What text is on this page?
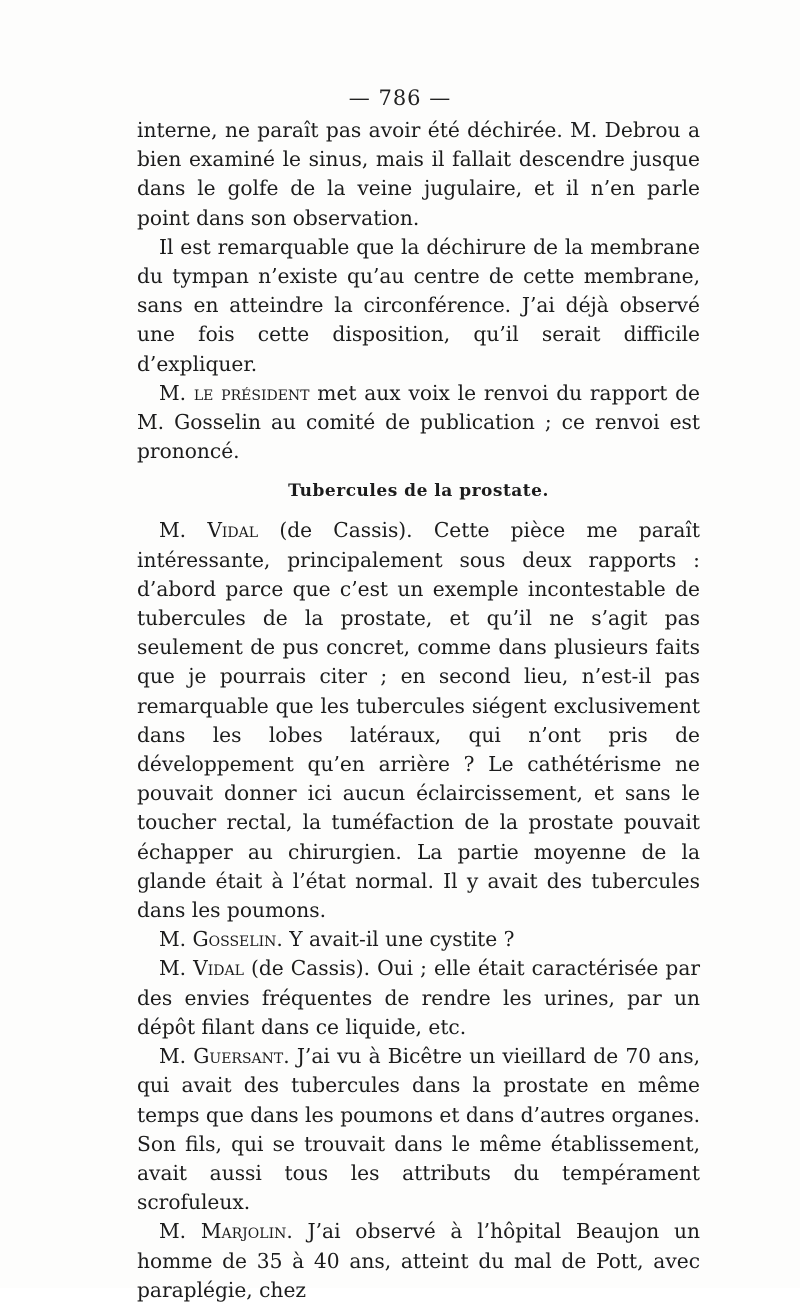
— 786 —

interne, ne paraît pas avoir été déchirée. M. Debrou a bien examiné le sinus, mais il fallait descendre jusque dans le golfe de la veine jugulaire, et il n’en parle point dans son observation.

Il est remarquable que la déchirure de la membrane du tympan n’existe qu’au centre de cette membrane, sans en atteindre la circonférence. J’ai déjà observé une fois cette disposition, qu’il serait difficile d’expliquer.

M. le président met aux voix le renvoi du rapport de M. Gosselin au comité de publication ; ce renvoi est prononcé.

Tubercules de la prostate.

M. Vidal (de Cassis). Cette pièce me paraît intéressante, principalement sous deux rapports : d’abord parce que c’est un exemple incontestable de tubercules de la prostate, et qu’il ne s’agit pas seulement de pus concret, comme dans plusieurs faits que je pourrais citer ; en second lieu, n’est-il pas remarquable que les tubercules siégent exclusivement dans les lobes latéraux, qui n’ont pris de développement qu’en arrière ? Le cathétérisme ne pouvait donner ici aucun éclaircissement, et sans le toucher rectal, la tuméfaction de la prostate pouvait échapper au chirurgien. La partie moyenne de la glande était à l’état normal. Il y avait des tubercules dans les poumons.

M. Gosselin. Y avait-il une cystite ?

M. Vidal (de Cassis). Oui ; elle était caractérisée par des envies fréquentes de rendre les urines, par un dépôt filant dans ce liquide, etc.

M. Guersant. J’ai vu à Bicêtre un vieillard de 70 ans, qui avait des tubercules dans la prostate en même temps que dans les poumons et dans d’autres organes. Son fils, qui se trouvait dans le même établissement, avait aussi tous les attributs du tempérament scrofuleux.

M. Marjolin. J’ai observé à l’hôpital Beaujon un homme de 35 à 40 ans, atteint du mal de Pott, avec paraplégie, chez
